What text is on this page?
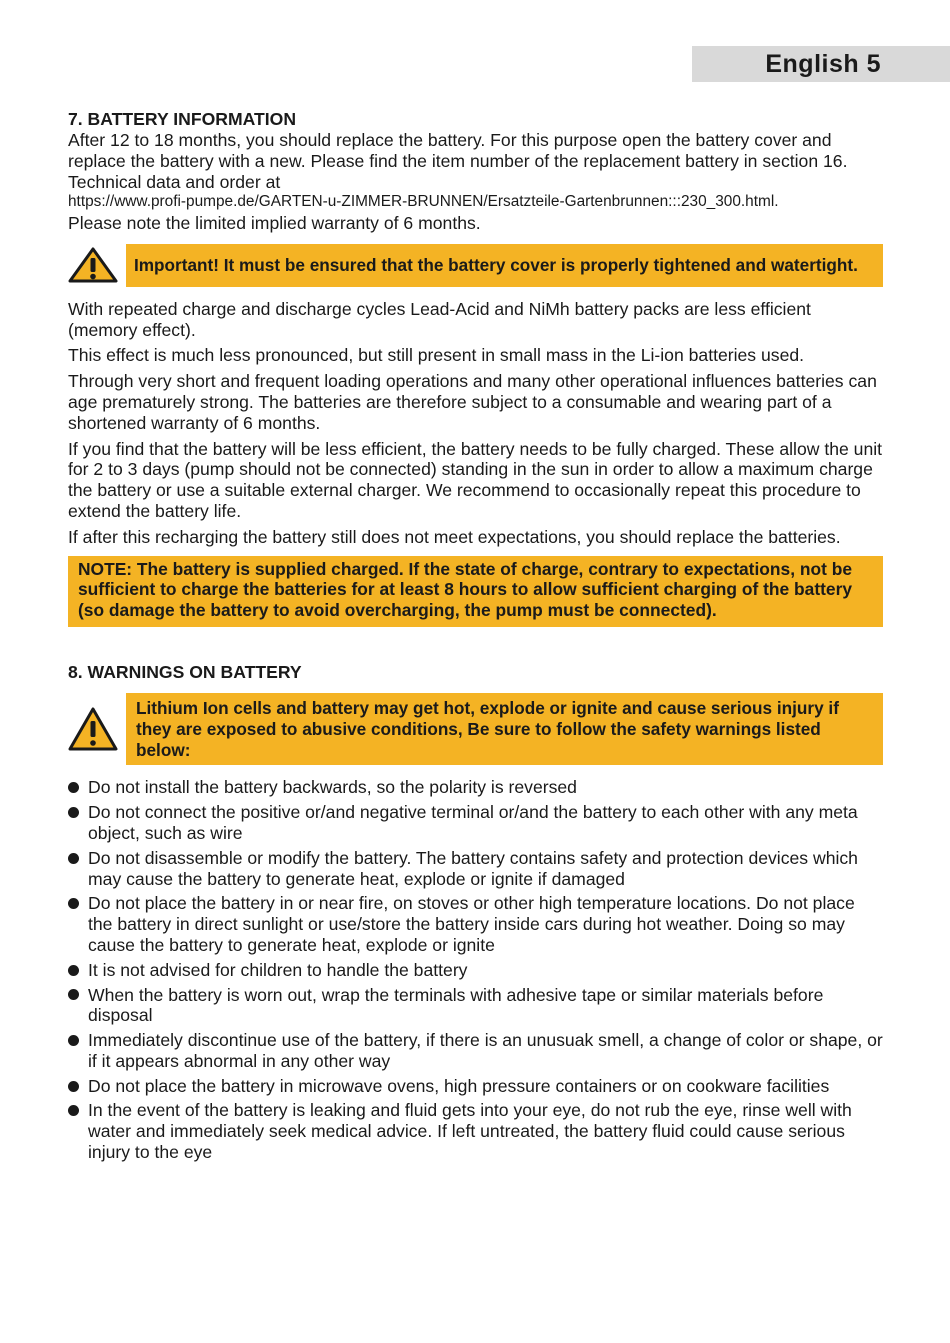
English 5

7. BATTERY INFORMATION

After 12 to 18 months, you should replace the battery. For this purpose open the battery cover and replace the battery with a new. Please find the item number of the replacement battery in section 16. Technical data and order at

https://www.profi-pumpe.de/GARTEN-u-ZIMMER-BRUNNEN/Ersatzteile-Gartenbrunnen:::230_300.html.

Please note the limited implied warranty of 6 months.

Important! It must be ensured that the battery cover is properly tightened and watertight.

With repeated charge and discharge cycles Lead-Acid and NiMh battery packs are less efficient (memory effect).

This effect is much less pronounced, but still present in small mass in the Li-ion batteries used.

Through very short and frequent loading operations and many other operational influences batteries can age prematurely strong. The batteries are therefore subject to a consumable and wearing part of a shortened warranty of 6 months.

If you find that the battery will be less efficient, the battery needs to be fully charged. These allow the unit for 2 to 3 days (pump should not be connected) standing in the sun in order to allow a maximum charge the battery or use a suitable external charger. We recommend to occasionally repeat this procedure to extend the battery life.

If after this recharging the battery still does not meet expectations, you should replace the batteries.

NOTE: The battery is supplied charged. If the state of charge, contrary to expectations, not be sufficient to charge the batteries for at least 8 hours to allow sufficient charging of the battery (so damage the battery to avoid overcharging, the pump must be connected).

8. WARNINGS ON BATTERY

Lithium Ion cells and battery may get hot, explode or ignite and cause serious injury if they are exposed to abusive conditions, Be sure to follow the safety warnings listed below:
Do not install the battery backwards, so the polarity is reversed
Do not connect the positive or/and negative terminal or/and the battery to each other with any meta object, such as wire
Do not disassemble or modify the battery. The battery contains safety and protection devices which may cause the battery to generate heat, explode or ignite if damaged
Do not place the battery in or near fire, on stoves or other high temperature locations. Do not place the battery in direct sunlight or use/store the battery inside cars during hot weather. Doing so may cause the battery to generate heat, explode or ignite
It is not advised for children to handle the battery
When the battery is worn out, wrap the terminals with adhesive tape or similar materials before disposal
Immediately discontinue use of the battery, if there is an unusuak smell, a change of color or shape, or if it appears abnormal in any other way
Do not place the battery in microwave ovens, high pressure containers or on cookware facilities
In the event of the battery is leaking and fluid gets into your eye, do not rub the eye, rinse well with water and immediately seek medical advice. If left untreated, the battery fluid could cause serious injury to the eye
